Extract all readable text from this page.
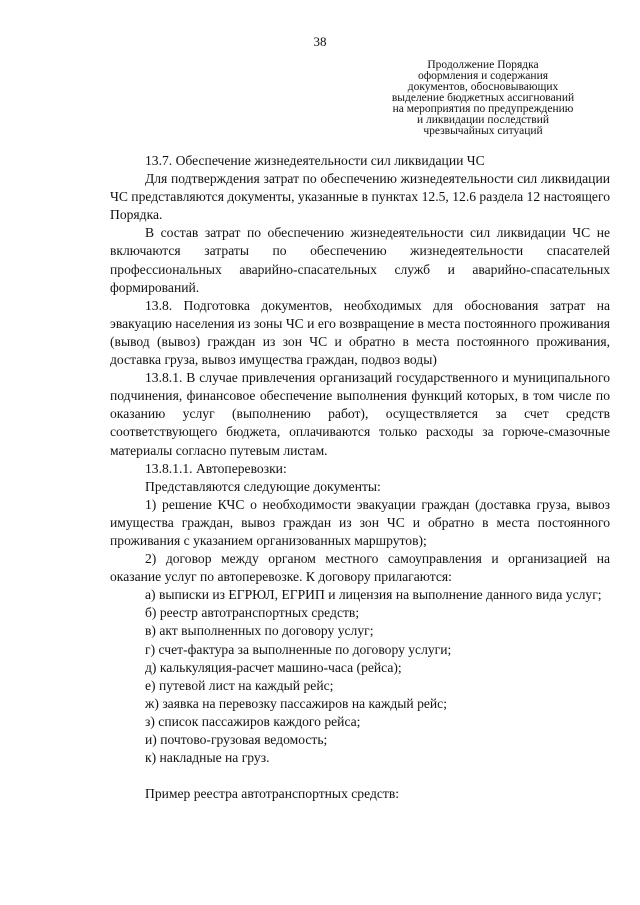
38
Продолжение Порядка
оформления и содержания
документов, обосновывающих
выделение бюджетных ассигнований
на мероприятия по предупреждению
и ликвидации последствий
чрезвычайных ситуаций

13.7. Обеспечение жизнедеятельности сил ликвидации ЧС

Для подтверждения затрат по обеспечению жизнедеятельности сил ликвидации ЧС представляются документы, указанные в пунктах 12.5, 12.6 раздела 12 настоящего Порядка.

В состав затрат по обеспечению жизнедеятельности сил ликвидации ЧС не включаются затраты по обеспечению жизнедеятельности спасателей профессиональных аварийно-спасательных служб и аварийно-спасательных формирований.

13.8. Подготовка документов, необходимых для обоснования затрат на эвакуацию населения из зоны ЧС и его возвращение в места постоянного проживания (вывод (вывоз) граждан из зон ЧС и обратно в места постоянного проживания, доставка груза, вывоз имущества граждан, подвоз воды)

13.8.1. В случае привлечения организаций государственного и муниципального подчинения, финансовое обеспечение выполнения функций которых, в том числе по оказанию услуг (выполнению работ), осуществляется за счет средств соответствующего бюджета, оплачиваются только расходы за горюче-смазочные материалы согласно путевым листам.

13.8.1.1. Автоперевозки:

Представляются следующие документы:

1) решение КЧС о необходимости эвакуации граждан (доставка груза, вывоз имущества граждан, вывоз граждан из зон ЧС и обратно в места постоянного проживания с указанием организованных маршрутов);

2) договор между органом местного самоуправления и организацией на оказание услуг по автоперевозке. К договору прилагаются:

а) выписки из ЕГРЮЛ, ЕГРИП и лицензия на выполнение данного вида услуг;

б) реестр автотранспортных средств;

в) акт выполненных по договору услуг;

г) счет-фактура за выполненные по договору услуги;

д) калькуляция-расчет машино-часа (рейса);

е) путевой лист на каждый рейс;

ж) заявка на перевозку пассажиров на каждый рейс;

з) список пассажиров каждого рейса;

и) почтово-грузовая ведомость;

к) накладные на груз.

Пример реестра автотранспортных средств:
